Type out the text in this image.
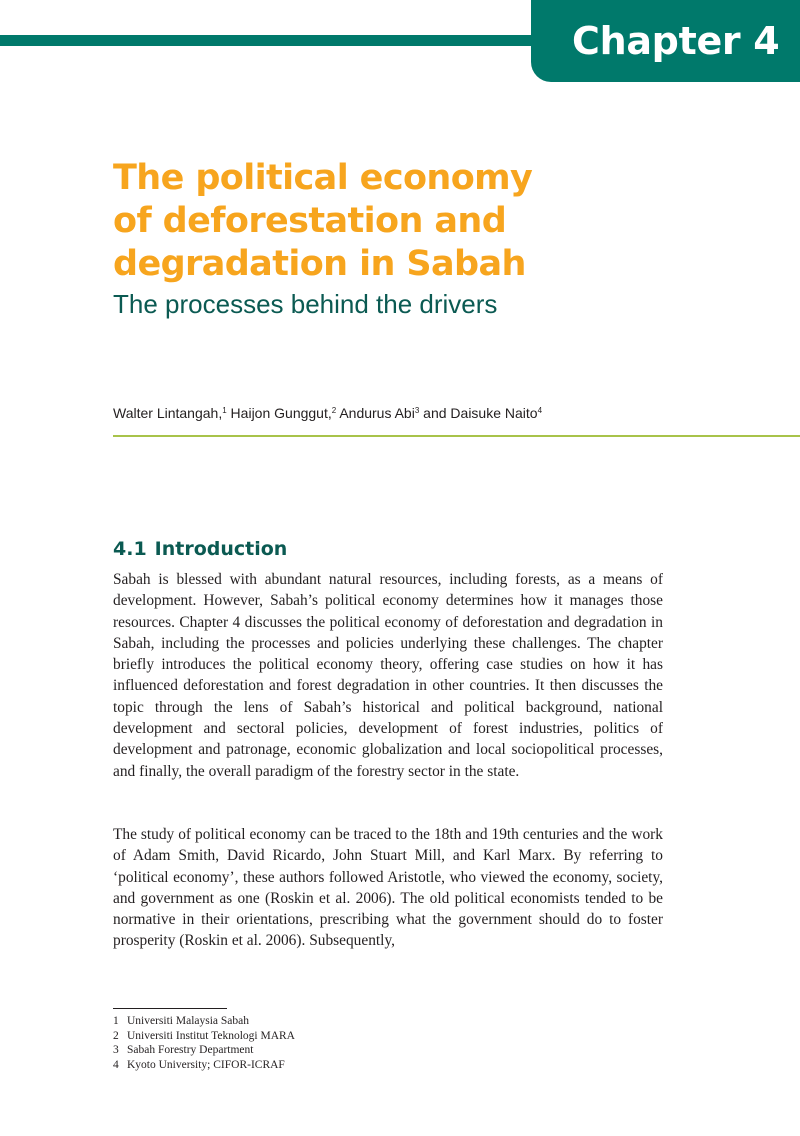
Chapter 4
The political economy
of deforestation and
degradation in Sabah
The processes behind the drivers
Walter Lintangah,$^1$ Haijon Gunggut,$^2$ Andurus Abi$^3$ and Daisuke Naito$^4$
4.1 Introduction

Sabah is blessed with abundant natural resources, including forests, as a means of development. However, Sabah’s political economy determines how it manages those resources. Chapter 4 discusses the political economy of deforestation and degradation in Sabah, including the processes and policies underlying these challenges. The chapter briefly introduces the political economy theory, offering case studies on how it has influenced deforestation and forest degradation in other countries. It then discusses the topic through the lens of Sabah’s historical and political background, national development and sectoral policies, development of forest industries, politics of development and patronage, economic globalization and local sociopolitical processes, and finally, the overall paradigm of the forestry sector in the state.

The study of political economy can be traced to the 18th and 19th centuries and the work of Adam Smith, David Ricardo, John Stuart Mill, and Karl Marx. By referring to ‘political economy’, these authors followed Aristotle, who viewed the economy, society, and government as one (Roskin et al. 2006). The old political economists tended to be normative in their orientations, prescribing what the government should do to foster prosperity (Roskin et al. 2006). Subsequently,

1 Universiti Malaysia Sabah
2 Universiti Institut Teknologi MARA
3 Sabah Forestry Department
4 Kyoto University; CIFOR-ICRAF
